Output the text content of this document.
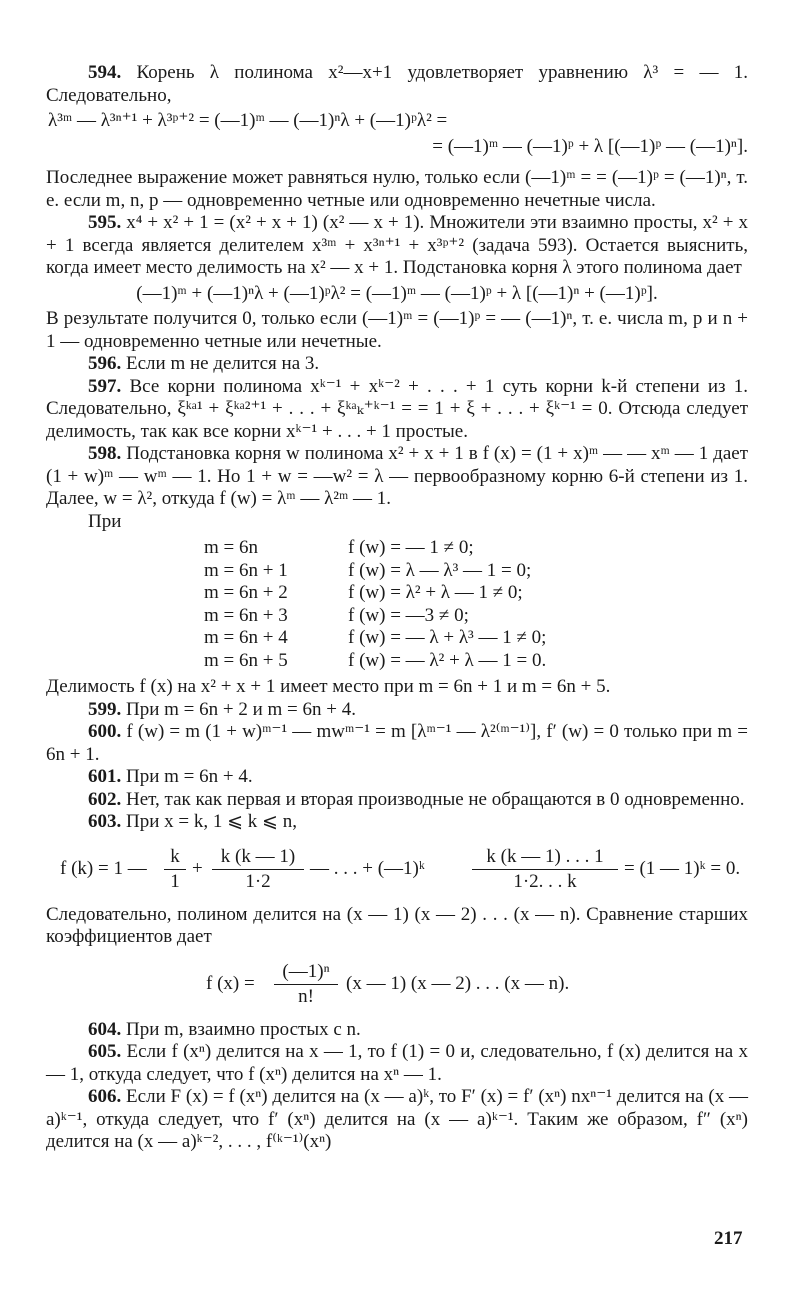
594. Корень λ полинома x²—x+1 удовлетворяет уравнению λ³ = — 1. Следовательно,

λ³ᵐ — λ³ⁿ⁺¹ + λ³ᵖ⁺² = (—1)ᵐ — (—1)ⁿλ + (—1)ᵖλ² =
= (—1)ᵐ — (—1)ᵖ + λ [(—1)ᵖ — (—1)ⁿ].

Последнее выражение может равняться нулю, только если (—1)ᵐ = = (—1)ᵖ = (—1)ⁿ, т. е. если m, n, p — одновременно четные или одновременно нечетные числа.

595. x⁴ + x² + 1 = (x² + x + 1) (x² — x + 1). Множители эти взаимно просты, x² + x + 1 всегда является делителем x³ᵐ + x³ⁿ⁺¹ + x³ᵖ⁺² (задача 593). Остается выяснить, когда имеет место делимость на x² — x + 1. Подстановка корня λ этого полинома дает

(—1)ᵐ + (—1)ⁿλ + (—1)ᵖλ² = (—1)ᵐ — (—1)ᵖ + λ [(—1)ⁿ + (—1)ᵖ].

В результате получится 0, только если (—1)ᵐ = (—1)ᵖ = — (—1)ⁿ, т. е. числа m, p и n + 1 — одновременно четные или нечетные.

596. Если m не делится на 3.

597. Все корни полинома xᵏ⁻¹ + xᵏ⁻² + . . . + 1 суть корни k-й степени из 1. Следовательно, ξᵏᵃ¹ + ξᵏᵃ²⁺¹ + . . . + ξᵏᵃₖ⁺ᵏ⁻¹ = = 1 + ξ + . . . + ξᵏ⁻¹ = 0. Отсюда следует делимость, так как все корни xᵏ⁻¹ + . . . + 1 простые.

598. Подстановка корня w полинома x² + x + 1 в f (x) = (1 + x)ᵐ — — xᵐ — 1 дает (1 + w)ᵐ — wᵐ — 1. Но 1 + w = —w² = λ — первообразному корню 6-й степени из 1. Далее, w = λ², откуда f (w) = λᵐ — λ²ᵐ — 1.

При

m = 6n	f (w) = — 1 ≠ 0;
m = 6n + 1	f (w) = λ — λ³ — 1 = 0;
m = 6n + 2	f (w) = λ² + λ — 1 ≠ 0;
m = 6n + 3	f (w) = —3 ≠ 0;
m = 6n + 4	f (w) = — λ + λ³ — 1 ≠ 0;
m = 6n + 5	f (w) = — λ² + λ — 1 = 0.

Делимость f (x) на x² + x + 1 имеет место при m = 6n + 1 и m = 6n + 5.

599. При m = 6n + 2 и m = 6n + 4.

600. f (w) = m (1 + w)ᵐ⁻¹ — mwᵐ⁻¹ = m [λᵐ⁻¹ — λ²⁽ᵐ⁻¹⁾], f′ (w) = 0 только при m = 6n + 1.

601. При m = 6n + 4.

602. Нет, так как первая и вторая производные не обращаются в 0 одновременно.

603. При x = k, 1 ⩽ k ⩽ n,

f (k) = 1 —
k
1
+
k (k — 1)
1·2
— . . . + (—1)ᵏ
k (k — 1) . . . 1
1·2. . . k
= (1 — 1)ᵏ = 0.

Следовательно, полином делится на (x — 1) (x — 2) . . . (x — n). Сравнение старших коэффициентов дает

f (x) =
(—1)ⁿ
n!
(x — 1) (x — 2) . . . (x — n).

604. При m, взаимно простых с n.

605. Если f (xⁿ) делится на x — 1, то f (1) = 0 и, следовательно, f (x) делится на x — 1, откуда следует, что f (xⁿ) делится на xⁿ — 1.

606. Если F (x) = f (xⁿ) делится на (x — a)ᵏ, то F′ (x) = f′ (xⁿ) nxⁿ⁻¹ делится на (x — a)ᵏ⁻¹, откуда следует, что f′ (xⁿ) делится на (x — a)ᵏ⁻¹. Таким же образом, f″ (xⁿ) делится на (x — a)ᵏ⁻², . . . , f⁽ᵏ⁻¹⁾(xⁿ)

217
